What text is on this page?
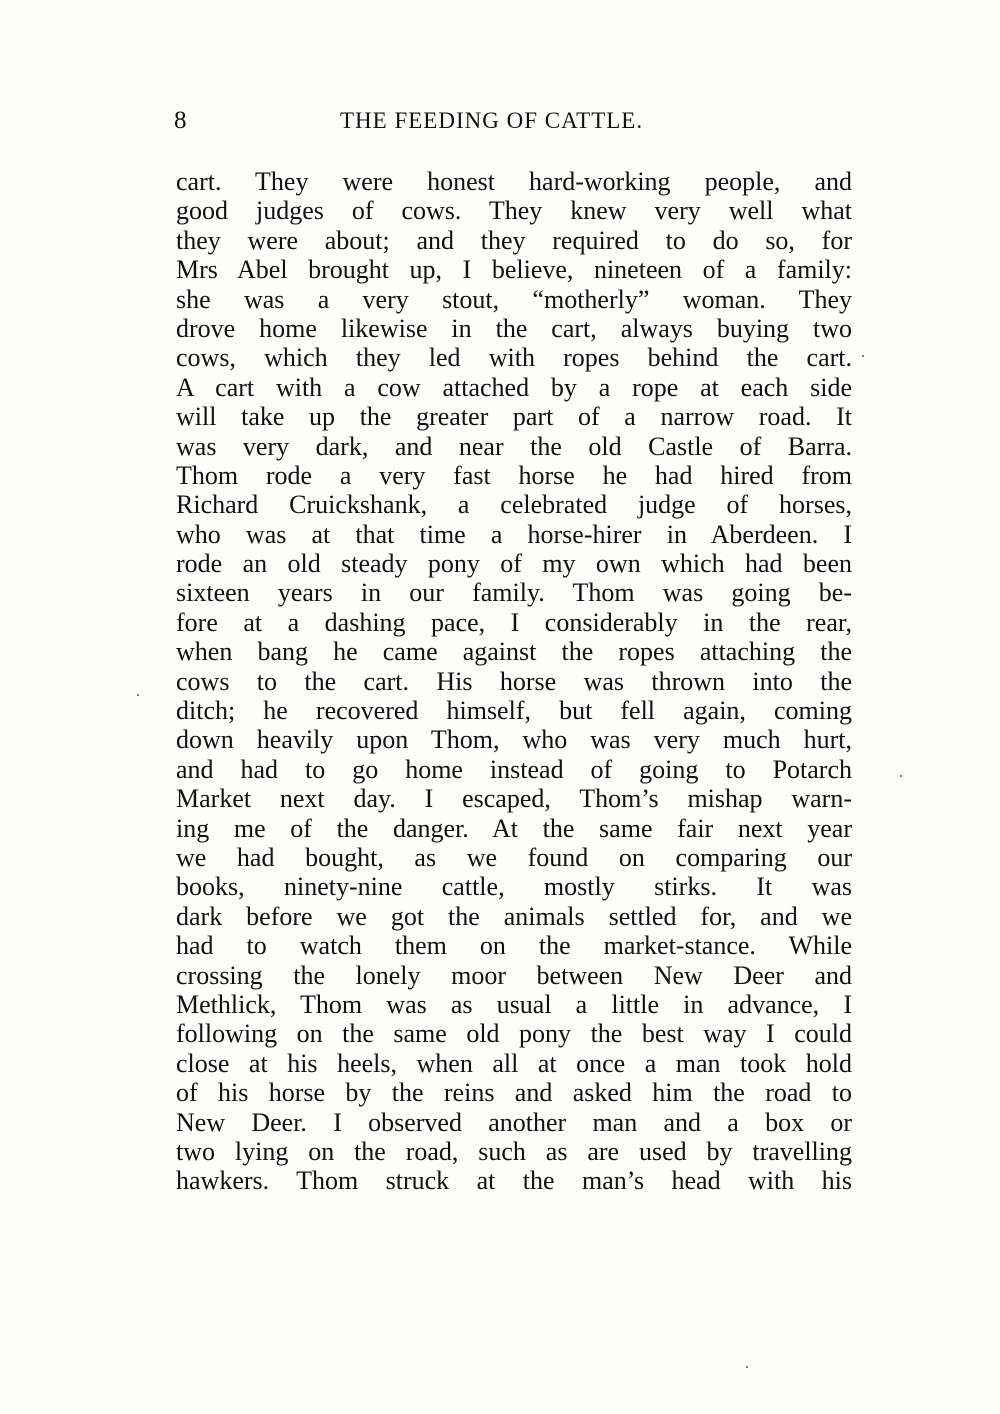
8	THE FEEDING OF CATTLE.
cart. They were honest hard-working people, and
good judges of cows. They knew very well what
they were about; and they required to do so, for
Mrs Abel brought up, I believe, nineteen of a family:
she was a very stout, “motherly” woman. They
drove home likewise in the cart, always buying two
cows, which they led with ropes behind the cart.
A cart with a cow attached by a rope at each side
will take up the greater part of a narrow road. It
was very dark, and near the old Castle of Barra.
Thom rode a very fast horse he had hired from
Richard Cruickshank, a celebrated judge of horses,
who was at that time a horse-hirer in Aberdeen. I
rode an old steady pony of my own which had been
sixteen years in our family. Thom was going be-
fore at a dashing pace, I considerably in the rear,
when bang he came against the ropes attaching the
cows to the cart. His horse was thrown into the
ditch; he recovered himself, but fell again, coming
down heavily upon Thom, who was very much hurt,
and had to go home instead of going to Potarch
Market next day. I escaped, Thom’s mishap warn-
ing me of the danger. At the same fair next year
we had bought, as we found on comparing our
books, ninety-nine cattle, mostly stirks. It was
dark before we got the animals settled for, and we
had to watch them on the market-stance. While
crossing the lonely moor between New Deer and
Methlick, Thom was as usual a little in advance, I
following on the same old pony the best way I could
close at his heels, when all at once a man took hold
of his horse by the reins and asked him the road to
New Deer. I observed another man and a box or
two lying on the road, such as are used by travelling
hawkers. Thom struck at the man’s head with his
